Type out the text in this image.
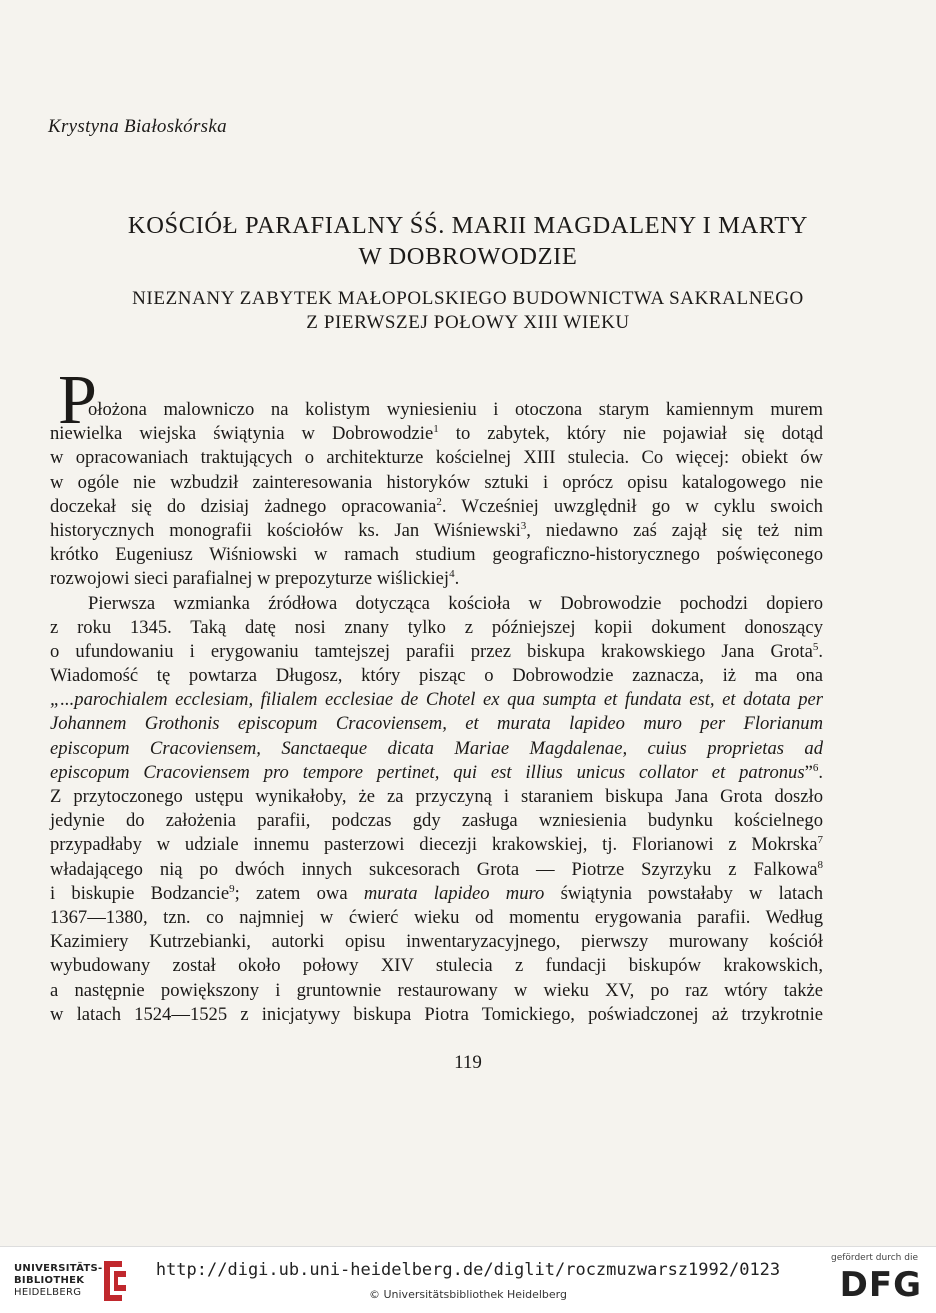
Krystyna Białoskórska
KOŚCIÓŁ PARAFIALNY ŚŚ. MARII MAGDALENY I MARTY
W DOBROWODZIE
NIEZNANY ZABYTEK MAŁOPOLSKIEGO BUDOWNICTWA SAKRALNEGO
Z PIERWSZEJ POŁOWY XIII WIEKU
P
ołożona malowniczo na kolistym wyniesieniu i otoczona starym kamiennym murem
niewielka wiejska świątynia w Dobrowodzie$^1$ to zabytek, który nie pojawiał się dotąd
w opracowaniach traktujących o architekturze kościelnej XIII stulecia. Co więcej: obiekt ów
w ogóle nie wzbudził zainteresowania historyków sztuki i oprócz opisu katalogowego nie
doczekał się do dzisiaj żadnego opracowania$^2$. Wcześniej uwzględnił go w cyklu swoich
historycznych monografii kościołów ks. Jan Wiśniewski$^3$, niedawno zaś zajął się też nim
krótko Eugeniusz Wiśniowski w ramach studium geograficzno-historycznego poświęconego
rozwojowi sieci parafialnej w prepozyturze wiślickiej$^4$.
Pierwsza wzmianka źródłowa dotycząca kościoła w Dobrowodzie pochodzi dopiero
z roku 1345. Taką datę nosi znany tylko z późniejszej kopii dokument donoszący
o ufundowaniu i erygowaniu tamtejszej parafii przez biskupa krakowskiego Jana Grota$^5$.
Wiadomość tę powtarza Długosz, który pisząc o Dobrowodzie zaznacza, iż ma ona
„...parochialem ecclesiam, filialem ecclesiae de Chotel ex qua sumpta et fundata est, et dotata per
Johannem Grothonis episcopum Cracoviensem, et murata lapideo muro per Florianum
episcopum Cracoviensem, Sanctaeque dicata Mariae Magdalenae, cuius proprietas ad
episcopum Cracoviensem pro tempore pertinet, qui est illius unicus collator et patronus”$^6$.
Z przytoczonego ustępu wynikałoby, że za przyczyną i staraniem biskupa Jana Grota doszło
jedynie do założenia parafii, podczas gdy zasługa wzniesienia budynku kościelnego
przypadłaby w udziale innemu pasterzowi diecezji krakowskiej, tj. Florianowi z Mokrska$^7$
władającego nią po dwóch innych sukcesorach Grota — Piotrze Szyrzyku z Falkowa$^8$
i biskupie Bodzancie$^9$; zatem owa murata lapideo muro świątynia powstałaby w latach
1367—1380, tzn. co najmniej w ćwierć wieku od momentu erygowania parafii. Według
Kazimiery Kutrzebianki, autorki opisu inwentaryzacyjnego, pierwszy murowany kościół
wybudowany został około połowy XIV stulecia z fundacji biskupów krakowskich,
a następnie powiększony i gruntownie restaurowany w wieku XV, po raz wtóry także
w latach 1524—1525 z inicjatywy biskupa Piotra Tomickiego, poświadczonej aż trzykrotnie
119
UNIVERSITÄTS-
BIBLIOTHEK
HEIDELBERG
http://digi.ub.uni-heidelberg.de/diglit/roczmuzwarsz1992/0123
© Universitätsbibliothek Heidelberg
gefördert durch die
DFG
